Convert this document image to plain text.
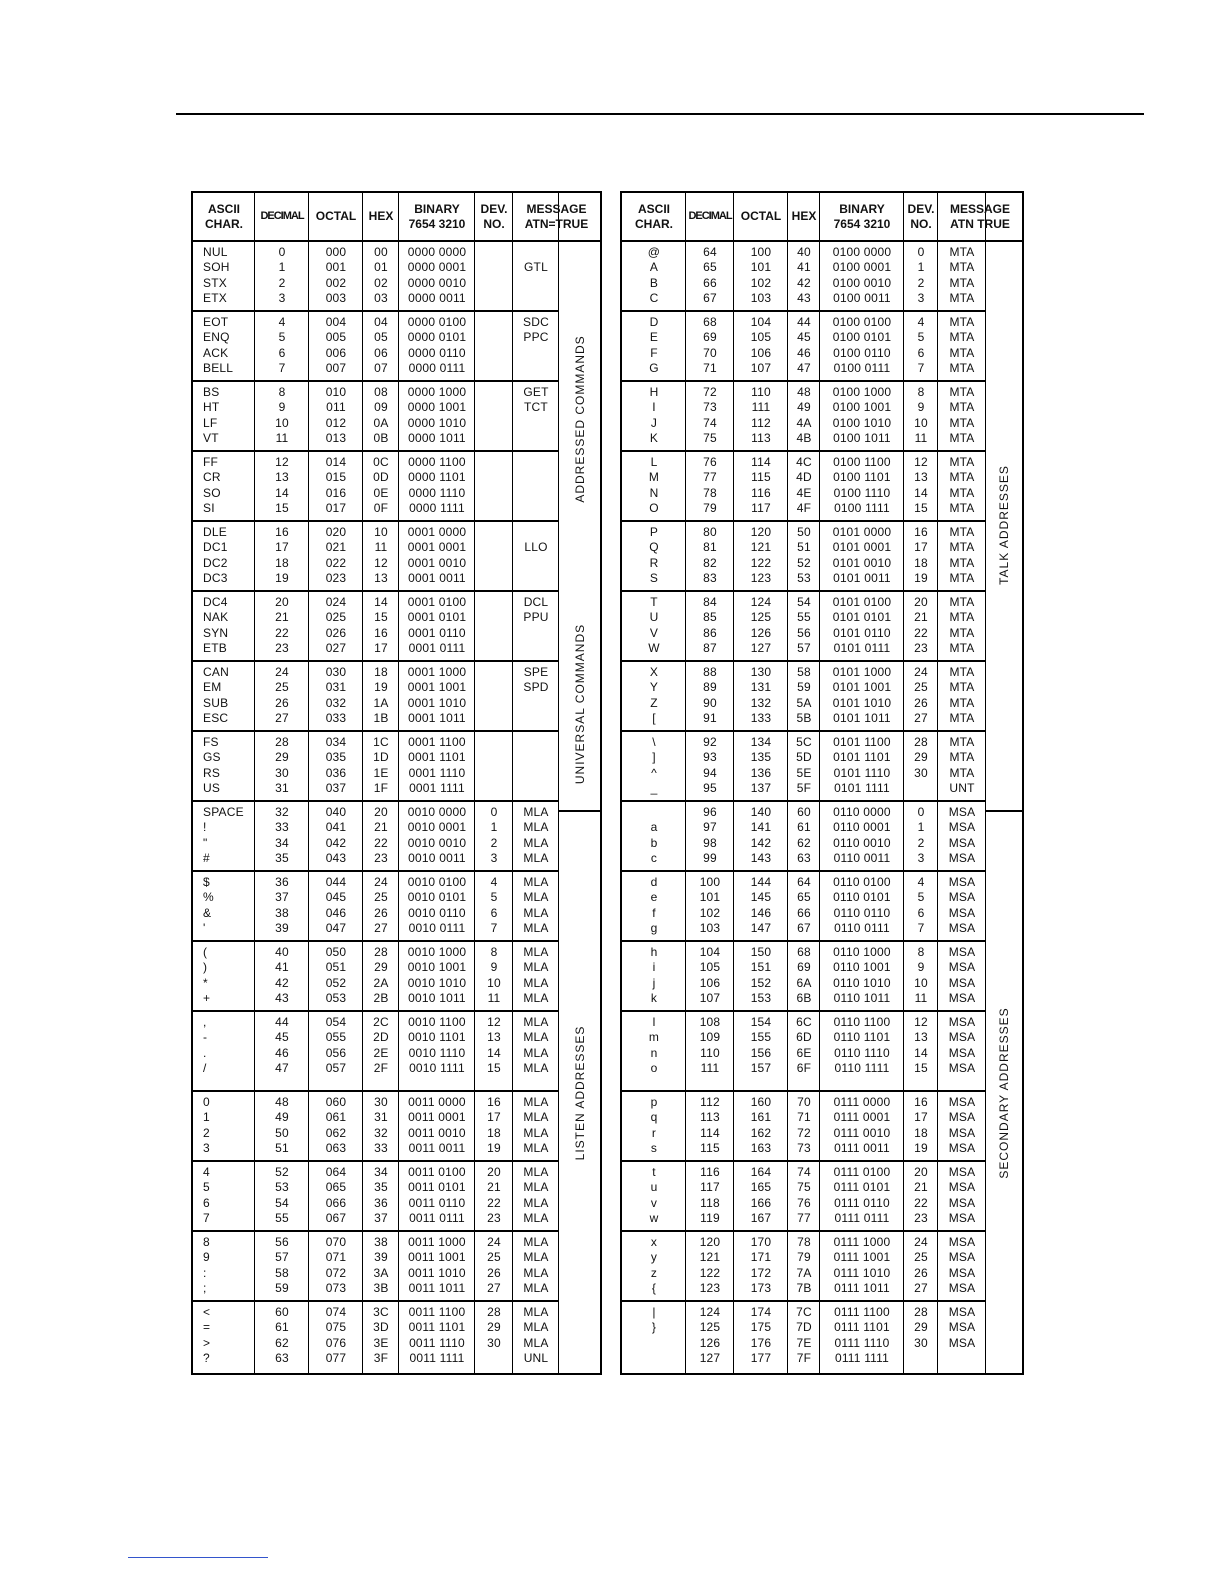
ASCII
CHAR.
DECIMAL	OCTAL	HEX
BINARY
7654 3210
DEV.
NO.
MESSAGE
ATN=TRUE
NUL
SOH
STX
ETX
0
1
2
3
000
001
002
003
00
01
02
03
0000 0000
0000 0001
0000 0010
0000 0011
GTL
EOT
ENQ
ACK
BELL
4
5
6
7
004
005
006
007
04
05
06
07
0000 0100
0000 0101
0000 0110
0000 0111
SDC
PPC
BS
HT
LF
VT
8
9
10
11
010
011
012
013
08
09
0A
0B
0000 1000
0000 1001
0000 1010
0000 1011
GET
TCT
FF
CR
SO
SI
12
13
14
15
014
015
016
017
0C
0D
0E
0F
0000 1100
0000 1101
0000 1110
0000 1111
DLE
DC1
DC2
DC3
16
17
18
19
020
021
022
023
10
11
12
13
0001 0000
0001 0001
0001 0010
0001 0011
LLO
DC4
NAK
SYN
ETB
20
21
22
23
024
025
026
027
14
15
16
17
0001 0100
0001 0101
0001 0110
0001 0111
DCL
PPU
CAN
EM
SUB
ESC
24
25
26
27
030
031
032
033
18
19
1A
1B
0001 1000
0001 1001
0001 1010
0001 1011
SPE
SPD
FS
GS
RS
US
28
29
30
31
034
035
036
037
1C
1D
1E
1F
0001 1100
0001 1101
0001 1110
0001 1111
SPACE
!
"
#
32
33
34
35
040
041
042
043
20
21
22
23
0010 0000
0010 0001
0010 0010
0010 0011
0
1
2
3
MLA
MLA
MLA
MLA
$
%
&
'
36
37
38
39
044
045
046
047
24
25
26
27
0010 0100
0010 0101
0010 0110
0010 0111
4
5
6
7
MLA
MLA
MLA
MLA
(
)
*
+
40
41
42
43
050
051
052
053
28
29
2A
2B
0010 1000
0010 1001
0010 1010
0010 1011
8
9
10
11
MLA
MLA
MLA
MLA
,
-
.
/
44
45
46
47
054
055
056
057
2C
2D
2E
2F
0010 1100
0010 1101
0010 1110
0010 1111
12
13
14
15
MLA
MLA
MLA
MLA
0
1
2
3
48
49
50
51
060
061
062
063
30
31
32
33
0011 0000
0011 0001
0011 0010
0011 0011
16
17
18
19
MLA
MLA
MLA
MLA
4
5
6
7
52
53
54
55
064
065
066
067
34
35
36
37
0011 0100
0011 0101
0011 0110
0011 0111
20
21
22
23
MLA
MLA
MLA
MLA
8
9
:
;
56
57
58
59
070
071
072
073
38
39
3A
3B
0011 1000
0011 1001
0011 1010
0011 1011
24
25
26
27
MLA
MLA
MLA
MLA
<
=
>
?
60
61
62
63
074
075
076
077
3C
3D
3E
3F
0011 1100
0011 1101
0011 1110
0011 1111
28
29
30
MLA
MLA
MLA
UNL
ADDRESSED COMMANDS
UNIVERSAL COMMANDS
LISTEN ADDRESSES
ASCII
CHAR.
DECIMAL OCTAL HEX
BINARY
7654 3210
DEV.
NO.
MESSAGE
ATN TRUE
@
A
B
C
64
65
66
67
100
101
102
103
40
41
42
43
0100 0000
0100 0001
0100 0010
0100 0011
0
1
2
3
MTA
MTA
MTA
MTA
D
E
F
G
68
69
70
71
104
105
106
107
44
45
46
47
0100 0100
0100 0101
0100 0110
0100 0111
4
5
6
7
MTA
MTA
MTA
MTA
H
I
J
K
72
73
74
75
110
111
112
113
48
49
4A
4B
0100 1000
0100 1001
0100 1010
0100 1011
8
9
10
11
MTA
MTA
MTA
MTA
L
M
N
O
76
77
78
79
114
115
116
117
4C
4D
4E
4F
0100 1100
0100 1101
0100 1110
0100 1111
12
13
14
15
MTA
MTA
MTA
MTA
P
Q
R
S
80
81
82
83
120
121
122
123
50
51
52
53
0101 0000
0101 0001
0101 0010
0101 0011
16
17
18
19
MTA
MTA
MTA
MTA
T
U
V
W
84
85
86
87
124
125
126
127
54
55
56
57
0101 0100
0101 0101
0101 0110
0101 0111
20
21
22
23
MTA
MTA
MTA
MTA
X
Y
Z
[
88
89
90
91
130
131
132
133
58
59
5A
5B
0101 1000
0101 1001
0101 1010
0101 1011
24
25
26
27
MTA
MTA
MTA
MTA
\
]
^
_
92
93
94
95
134
135
136
137
5C
5D
5E
5F
0101 1100
0101 1101
0101 1110
0101 1111
28
29
30
MTA
MTA
MTA
UNT
a
b
c
96
97
98
99
140
141
142
143
60
61
62
63
0110 0000
0110 0001
0110 0010
0110 0011
0
1
2
3
MSA
MSA
MSA
MSA
d
e
f
g
100
101
102
103
144
145
146
147
64
65
66
67
0110 0100
0110 0101
0110 0110
0110 0111
4
5
6
7
MSA
MSA
MSA
MSA
h
i
j
k
104
105
106
107
150
151
152
153
68
69
6A
6B
0110 1000
0110 1001
0110 1010
0110 1011
8
9
10
11
MSA
MSA
MSA
MSA
l
m
n
o
108
109
110
111
154
155
156
157
6C
6D
6E
6F
0110 1100
0110 1101
0110 1110
0110 1111
12
13
14
15
MSA
MSA
MSA
MSA
p
q
r
s
112
113
114
115
160
161
162
163
70
71
72
73
0111 0000
0111 0001
0111 0010
0111 0011
16
17
18
19
MSA
MSA
MSA
MSA
t
u
v
w
116
117
118
119
164
165
166
167
74
75
76
77
0111 0100
0111 0101
0111 0110
0111 0111
20
21
22
23
MSA
MSA
MSA
MSA
x
y
z
{
120
121
122
123
170
171
172
173
78
79
7A
7B
0111 1000
0111 1001
0111 1010
0111 1011
24
25
26
27
MSA
MSA
MSA
MSA
|
}
124
125
126
127
174
175
176
177
7C
7D
7E
7F
0111 1100
0111 1101
0111 1110
0111 1111
28
29
30
MSA
MSA
MSA
TALK ADDRESSES
SECONDARY ADDRESSES
